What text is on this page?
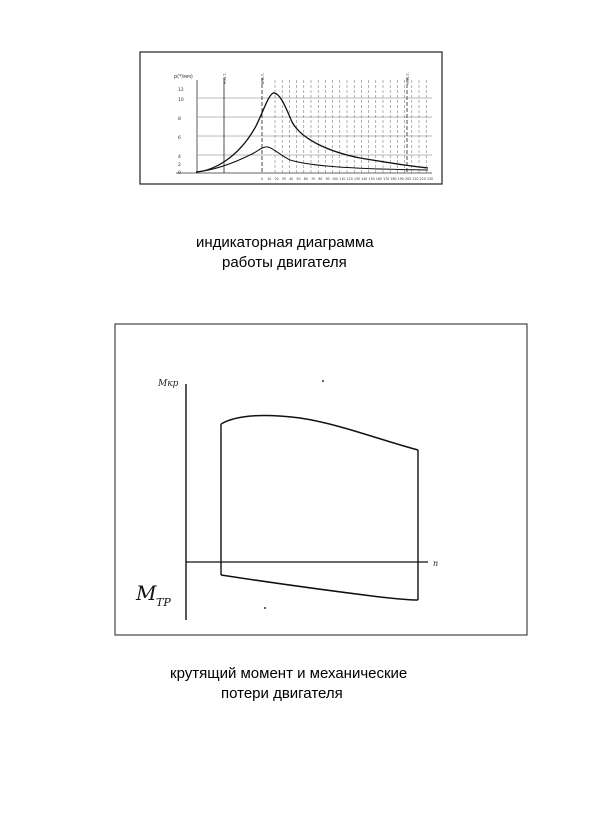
p(*/мм)	н.м.т.	в.м.т.	н.м.т.
12
10
8
6
4
2
0
0 10 20 30 40 50 60 70 80 90 100 110 120 130 140 150 160 170 180 190 200 210 220 230
Mкр
n
M ТР
индикаторная диаграмма
работы двигателя
крутящий момент и механические
потери двигателя
